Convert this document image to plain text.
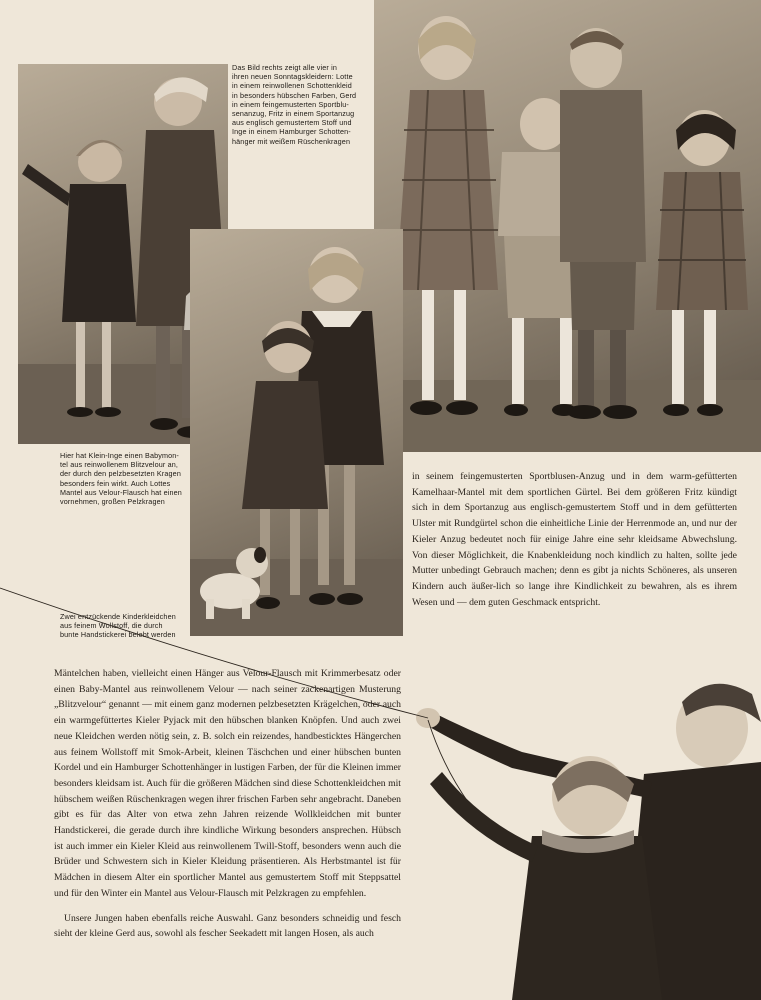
Das Bild rechts zeigt alle vier in
ihren neuen Sonntagskleidern: Lotte
in einem reinwollenen Schottenkleid
in besonders hübschen Farben, Gerd
in einem feingemusterten Sportblu-
senanzug, Fritz in einem Sportanzug
aus englisch gemustertem Stoff und
Inge in einem Hamburger Schotten-
hänger mit weißem Rüschenkragen
Hier hat Klein-Inge einen Babymon-
tel aus reinwollenem Blitzvelour an,
der durch den pelzbesetzten Kragen
besonders fein wirkt. Auch Lottes
Mantel aus Velour-Flausch hat einen
vornehmen, großen Pelzkragen
Zwei entzückende Kinderkleidchen
aus feinem Wollstoff, die durch
bunte Handstickerei belebt werden

in seinem feingemusterten Sportblusen-Anzug und in dem warm-gefütterten Kamelhaar-Mantel mit dem sportlichen Gürtel. Bei dem größeren Fritz kündigt sich in dem Sportanzug aus englisch-gemustertem Stoff und in dem gefütterten Ulster mit Rundgürtel schon die einheitliche Linie der Herrenmode an, und nur der Kieler Anzug bedeutet noch für einige Jahre eine sehr kleidsame Abwechslung. Von dieser Möglichkeit, die Knabenkleidung noch kindlich zu halten, sollte jede Mutter unbedingt Gebrauch machen; denn es gibt ja nichts Schöneres, als unseren Kindern auch äußer-lich so lange ihre Kindlichkeit zu bewahren, als es ihrem Wesen und — dem guten Geschmack entspricht.

Mäntelchen haben, vielleicht einen Hänger aus Velour-Flausch mit Krimmerbesatz oder einen Baby-Mantel aus reinwollenem Velour — nach seiner zackenartigen Musterung „Blitzvelour“ genannt — mit einem ganz modernen pelzbesetzten Krägelchen, oder auch ein warmgefüttertes Kieler Pyjack mit den hübschen blanken Knöpfen. Und auch zwei neue Kleidchen werden nötig sein, z. B. solch ein reizendes, handbesticktes Hängerchen aus feinem Wollstoff mit Smok-Arbeit, kleinen Täschchen und einer hübschen bunten Kordel und ein Hamburger Schottenhänger in lustigen Farben, der für die Kleinen immer besonders kleidsam ist. Auch für die größeren Mädchen sind diese Schottenkleidchen mit hübschem weißen Rüschenkragen wegen ihrer frischen Farben sehr angebracht. Daneben gibt es für das Alter von etwa zehn Jahren reizende Wollkleidchen mit bunter Handstickerei, die gerade durch ihre kindliche Wirkung besonders ansprechen. Hübsch ist auch immer ein Kieler Kleid aus reinwollenem Twill-Stoff, besonders wenn auch die Brüder und Schwestern sich in Kieler Kleidung präsentieren. Als Herbstmantel ist für Mädchen in diesem Alter ein sportlicher Mantel aus gemustertem Stoff mit Steppsattel und für den Winter ein Mantel aus Velour-Flausch mit Pelzkragen zu empfehlen.

Unsere Jungen haben ebenfalls reiche Auswahl. Ganz besonders schneidig und fesch sieht der kleine Gerd aus, sowohl als fescher Seekadett mit langen Hosen, als auch
